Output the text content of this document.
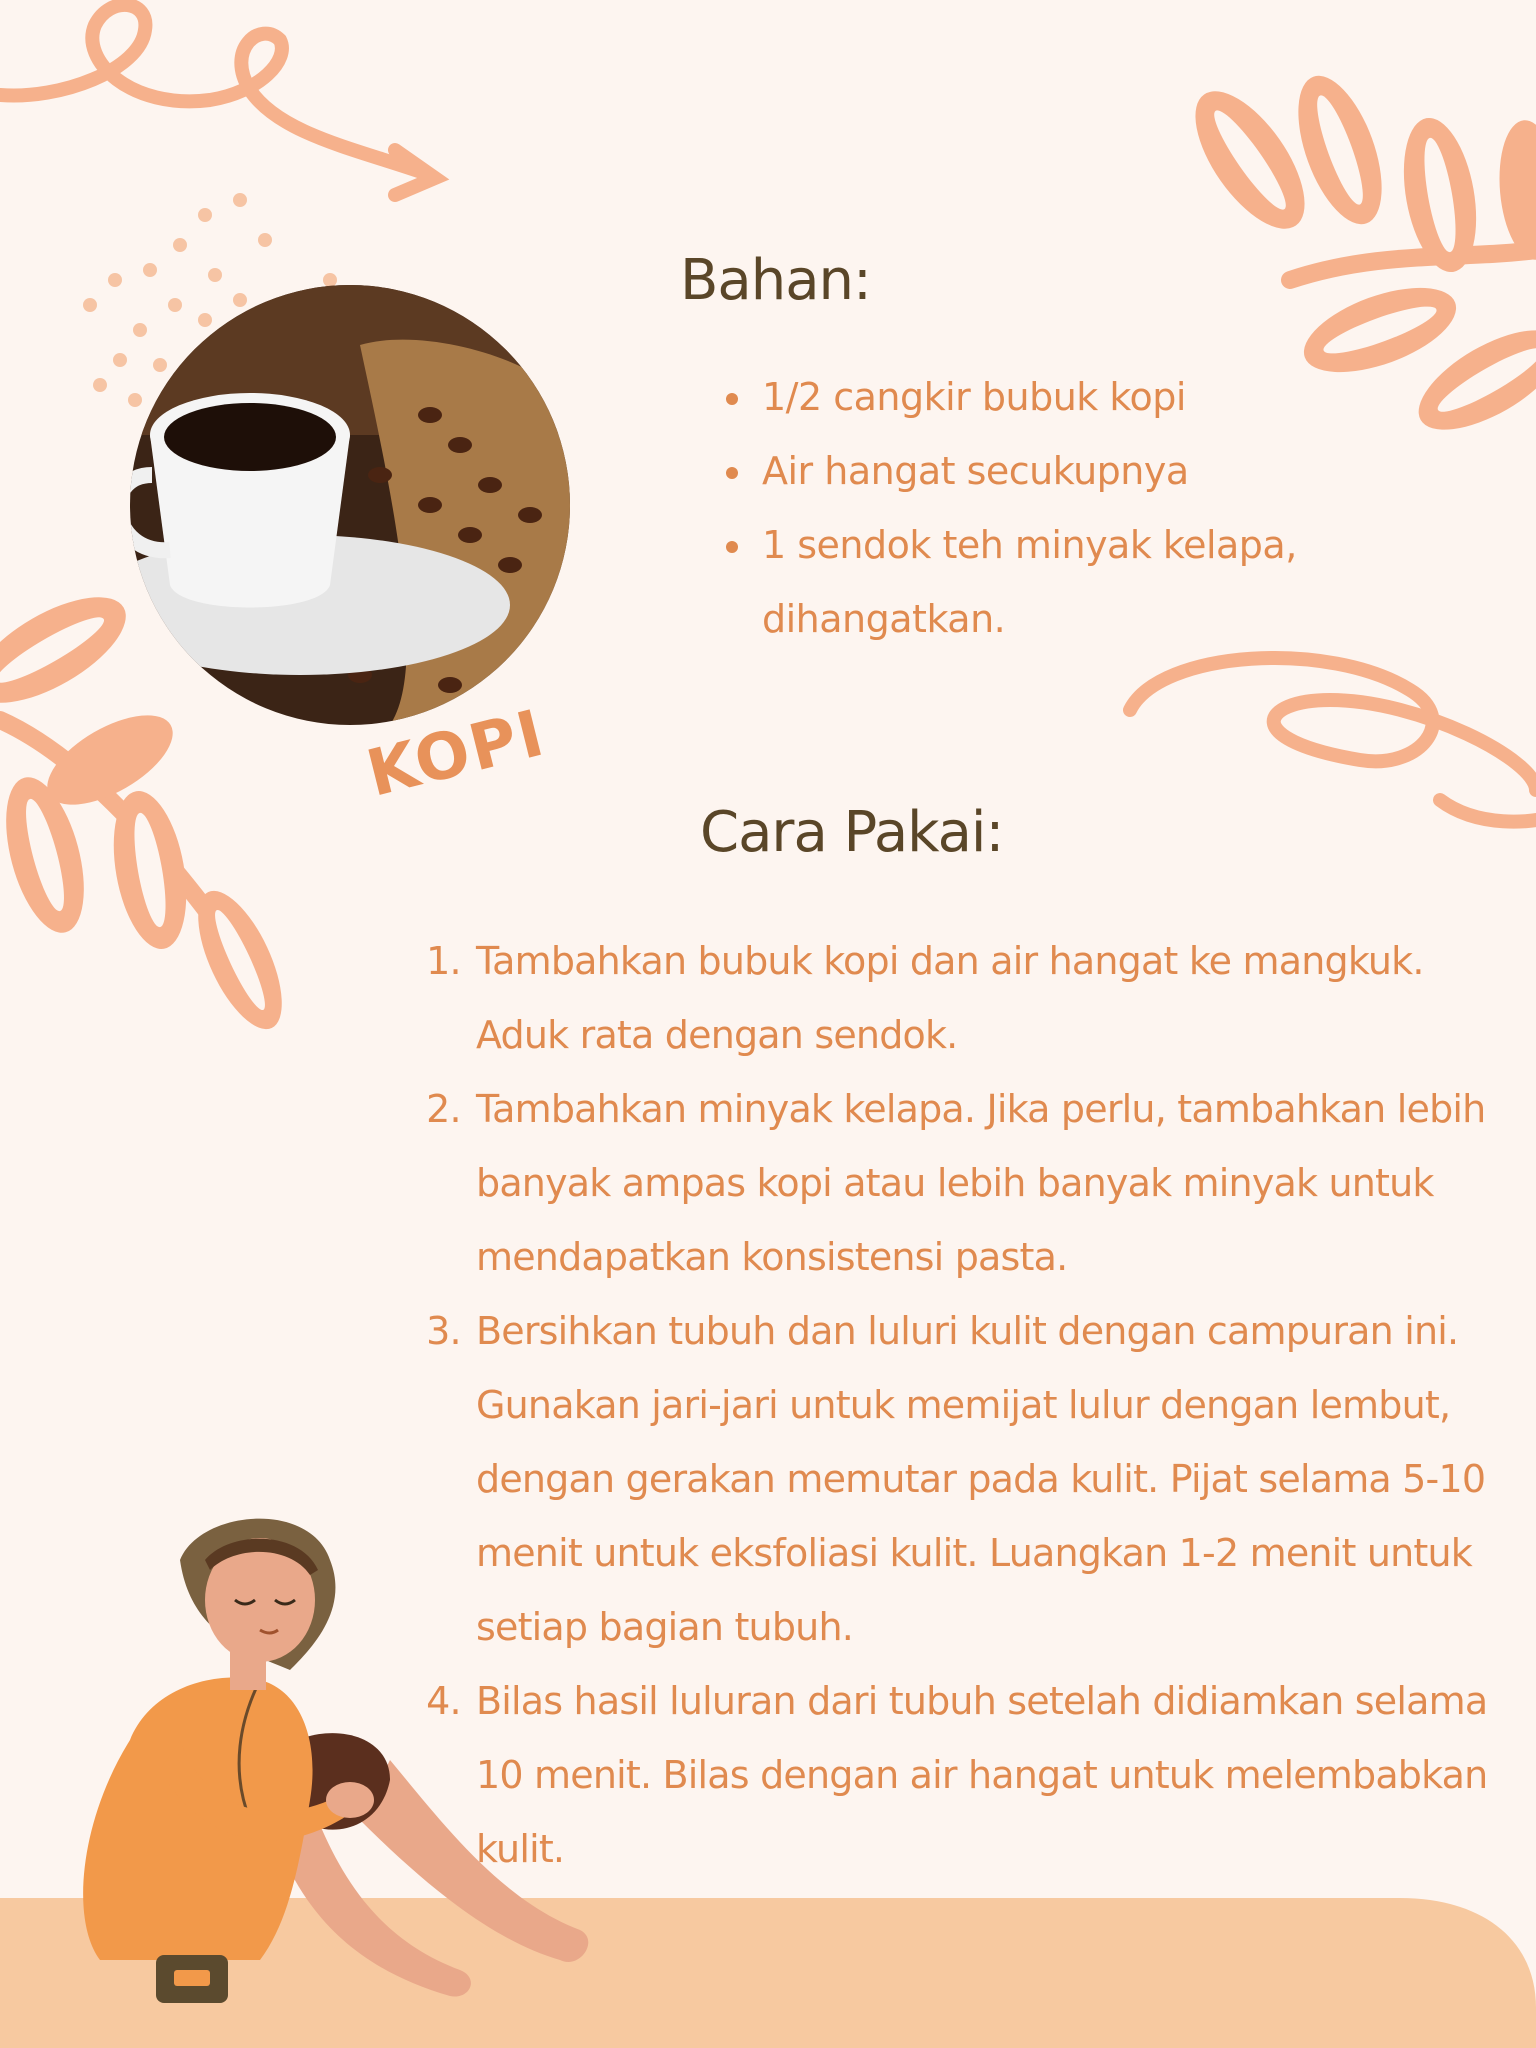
KOPI
Bahan:
• 1/2 cangkir bubuk kopi
• Air hangat secukupnya
• 1 sendok teh minyak kelapa, dihangatkan.
Cara Pakai:
1. Tambahkan bubuk kopi dan air hangat ke mangkuk. Aduk rata dengan sendok.
2. Tambahkan minyak kelapa. Jika perlu, tambahkan lebih banyak ampas kopi atau lebih banyak minyak untuk mendapatkan konsistensi pasta.
3. Bersihkan tubuh dan luluri kulit dengan campuran ini. Gunakan jari-jari untuk memijat lulur dengan lembut, dengan gerakan memutar pada kulit. Pijat selama 5-10 menit untuk eksfoliasi kulit. Luangkan 1-2 menit untuk setiap bagian tubuh.
4. Bilas hasil luluran dari tubuh setelah didiamkan selama 10 menit. Bilas dengan air hangat untuk melembabkan kulit.
